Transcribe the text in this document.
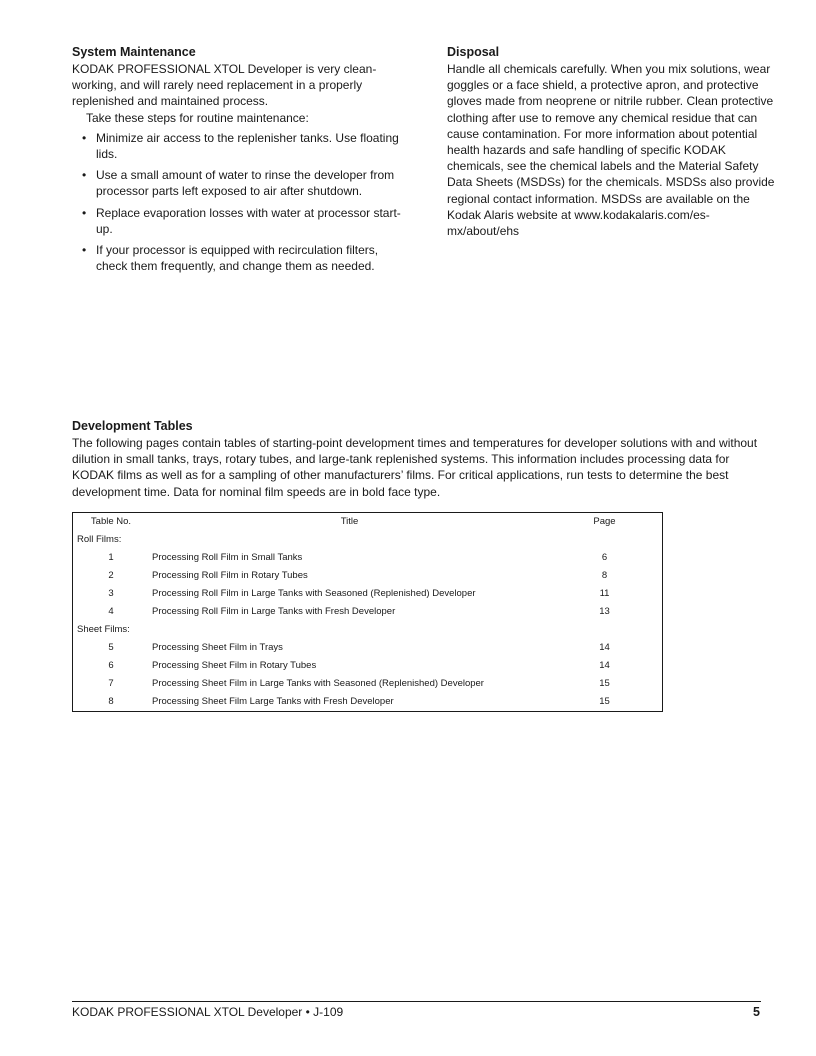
System Maintenance

KODAK PROFESSIONAL XTOL Developer is very clean-working, and will rarely need replacement in a properly replenished and maintained process.

Take these steps for routine maintenance:

• Minimize air access to the replenisher tanks. Use floating lids.
• Use a small amount of water to rinse the developer from processor parts left exposed to air after shutdown.
• Replace evaporation losses with water at processor start-up.
• If your processor is equipped with recirculation filters, check them frequently, and change them as needed.
Disposal

Handle all chemicals carefully. When you mix solutions, wear goggles or a face shield, a protective apron, and protective gloves made from neoprene or nitrile rubber. Clean protective clothing after use to remove any chemical residue that can cause contamination. For more information about potential health hazards and safe handling of specific KODAK chemicals, see the chemical labels and the Material Safety Data Sheets (MSDSs) for the chemicals. MSDSs also provide regional contact information. MSDSs are available on the Kodak Alaris website at www.kodakalaris.com/es-mx/about/ehs

Development Tables

The following pages contain tables of starting-point development times and temperatures for developer solutions with and without dilution in small tanks, trays, rotary tubes, and large-tank replenished systems. This information includes processing data for KODAK films as well as for a sampling of other manufacturers’ films. For critical applications, run tests to determine the best development time. Data for nominal film speeds are in bold face type.

Table No.	Title	Page
Roll Films:		
1	Processing Roll Film in Small Tanks	6
2	Processing Roll Film in Rotary Tubes	8
3	Processing Roll Film in Large Tanks with Seasoned (Replenished) Developer	11
4	Processing Roll Film in Large Tanks with Fresh Developer	13
Sheet Films:		
5	Processing Sheet Film in Trays	14
6	Processing Sheet Film in Rotary Tubes	14
7	Processing Sheet Film in Large Tanks with Seasoned (Replenished) Developer	15
8	Processing Sheet Film Large Tanks with Fresh Developer	15
KODAK PROFESSIONAL XTOL Developer • J-109	5
